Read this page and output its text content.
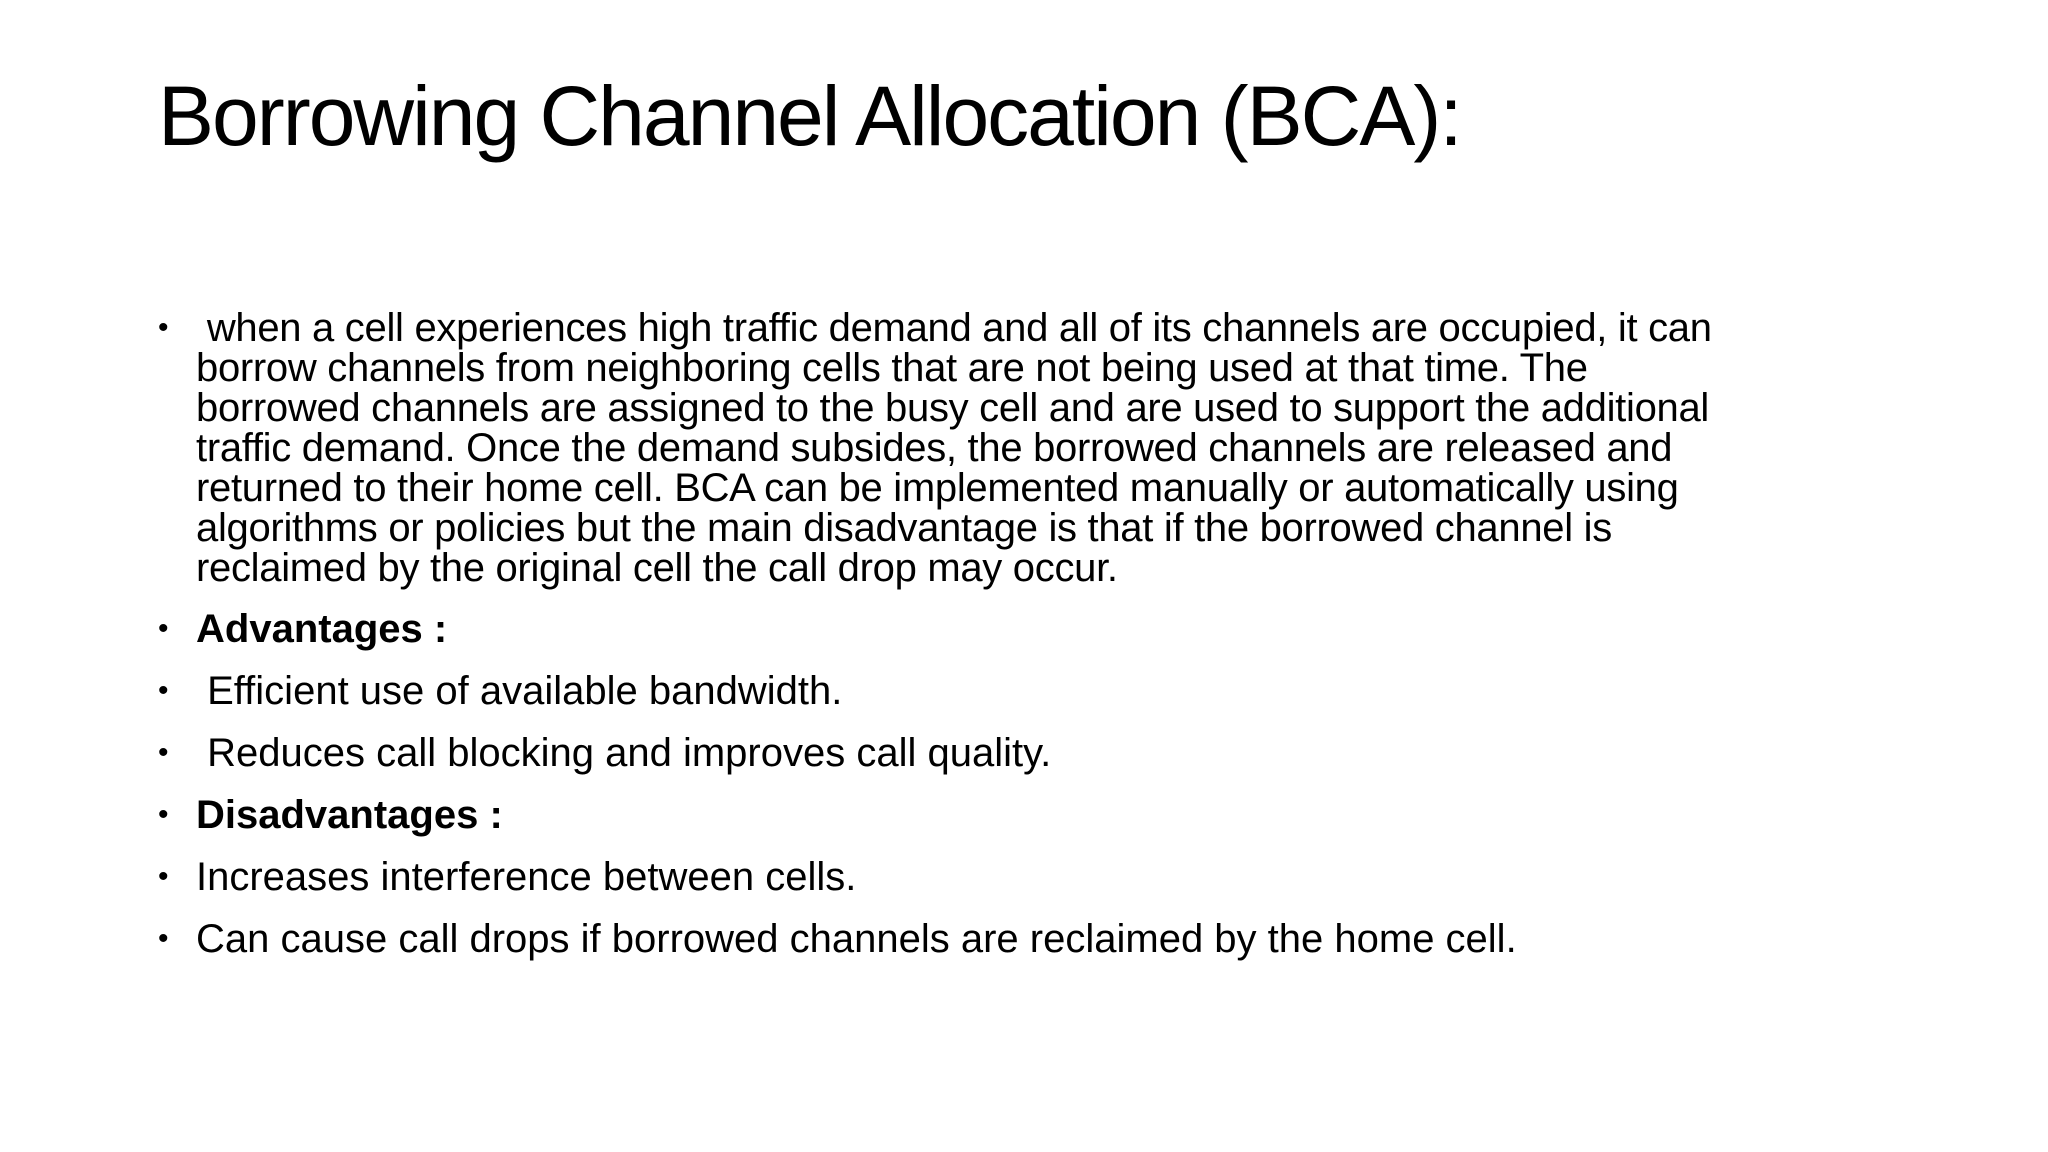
Borrowing Channel Allocation (BCA):
• when a cell experiences high traffic demand and all of its channels are occupied, it can
borrow channels from neighboring cells that are not being used at that time. The
borrowed channels are assigned to the busy cell and are used to support the additional
traffic demand. Once the demand subsides, the borrowed channels are released and
returned to their home cell. BCA can be implemented manually or automatically using
algorithms or policies but the main disadvantage is that if the borrowed channel is
reclaimed by the original cell the call drop may occur.
• Advantages :
• Efficient use of available bandwidth.
• Reduces call blocking and improves call quality.
• Disadvantages :
• Increases interference between cells.
• Can cause call drops if borrowed channels are reclaimed by the home cell.
